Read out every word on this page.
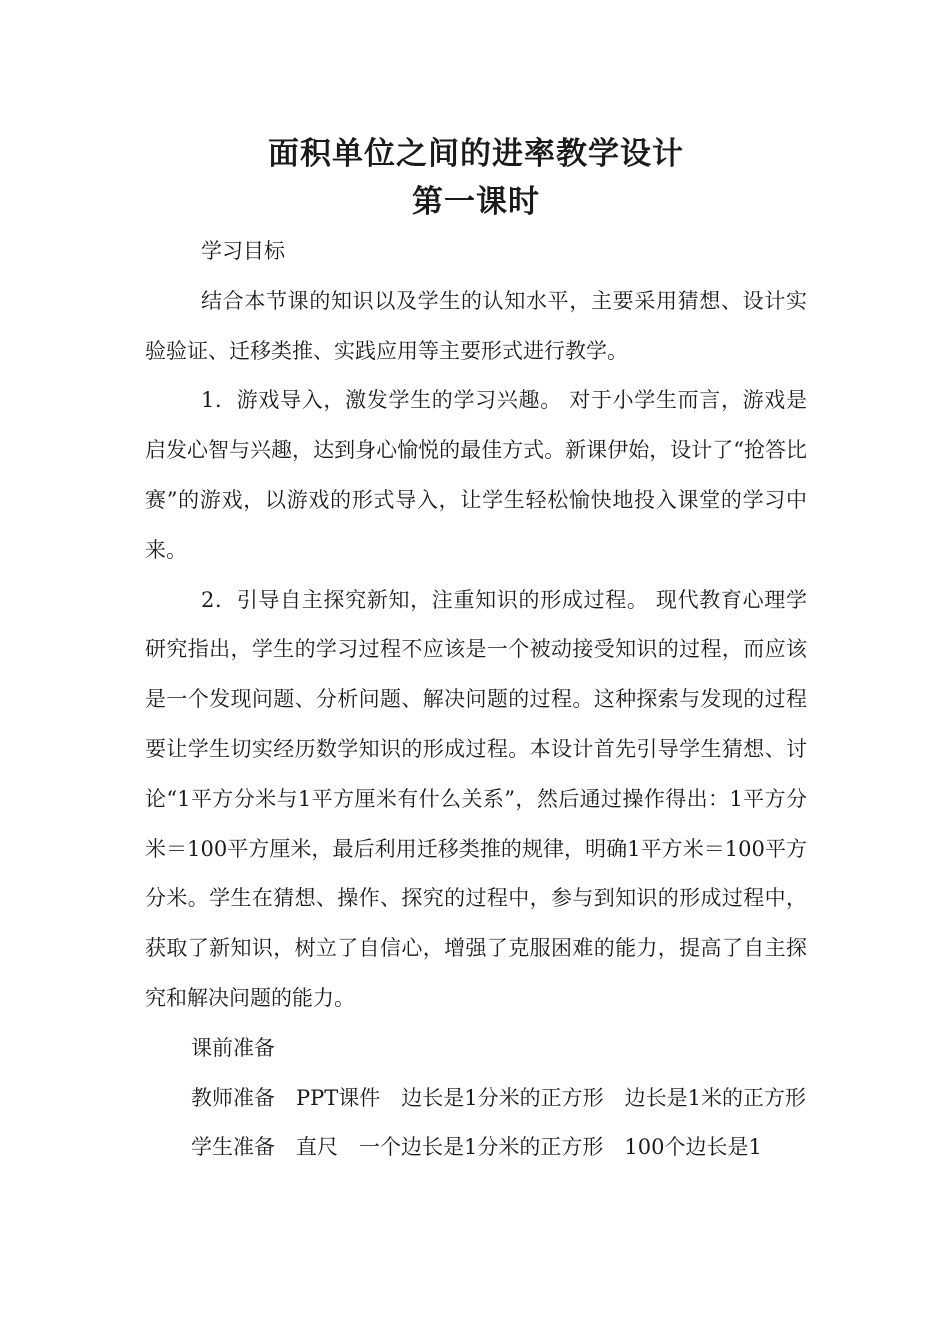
面积单位之间的进率教学设计
第一课时

学习目标

结合本节课的知识以及学生的认知水平，主要采用猜想、设计实验验证、迁移类推、实践应用等主要形式进行教学。

1．游戏导入，激发学生的学习兴趣。 对于小学生而言，游戏是启发心智与兴趣，达到身心愉悦的最佳方式。新课伊始，设计了“抢答比赛”的游戏，以游戏的形式导入，让学生轻松愉快地投入课堂的学习中来。

2．引导自主探究新知，注重知识的形成过程。 现代教育心理学研究指出，学生的学习过程不应该是一个被动接受知识的过程，而应该是一个发现问题、分析问题、解决问题的过程。这种探索与发现的过程要让学生切实经历数学知识的形成过程。本设计首先引导学生猜想、讨论“1平方分米与1平方厘米有什么关系”，然后通过操作得出：1平方分米＝100平方厘米，最后利用迁移类推的规律，明确1平方米＝100平方分米。学生在猜想、操作、探究的过程中，参与到知识的形成过程中，获取了新知识，树立了自信心，增强了克服困难的能力，提高了自主探究和解决问题的能力。

课前准备

教师准备　PPT课件　边长是1分米的正方形　边长是1米的正方形

学生准备　直尺　一个边长是1分米的正方形　100个边长是1
